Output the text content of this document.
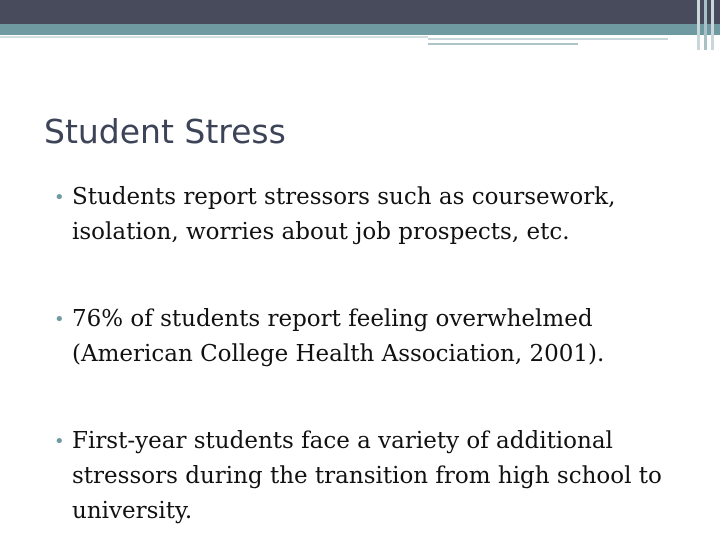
Student Stress
• Students report stressors such as coursework, isolation, worries about job prospects, etc.
• 76% of students report feeling overwhelmed (American College Health Association, 2001).
• First-year students face a variety of additional stressors during the transition from high school to university.
